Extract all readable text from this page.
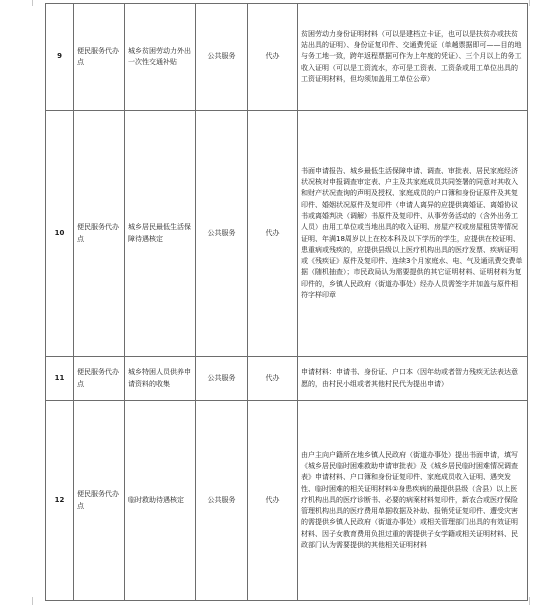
9	便民服务代办点	城乡贫困劳动力外出一次性交通补贴	公共服务	代办	贫困劳动力身份证明材料（可以是建档立卡证，也可以是扶贫办或扶贫站出具的证明）、身份证复印件、交通费凭证（单趟票据即可——目的地与务工地一致，跨年返程票据可作为上年度的凭证）、三个月以上的务工收入证明（可以是工资流水，亦可是工资表、工资条或用工单位出具的工资证明材料，但均须加盖用工单位公章）
10	便民服务代办点	城乡居民最低生活保障待遇核定	公共服务	代办	书面申请报告、城乡最低生活保障申请、调查、审批表、居民家庭经济状况核对申报调查审定表、户主及共家庭成员共同签署的同意对其收入和财产状况查询的声明及授权、家庭成员的户口簿和身份证原件及其复印件、婚姻状况原件及复印件（申请人离异的应提供离婚证、离婚协议书或离婚判决（调解）书原件及复印件、从事劳务活动的（含外出务工人员）由用工单位或当地出具的收入证明、房屋产权或房屋租赁等情况证明、年满18周岁以上在校本科及以下学历的学生，应提供在校证明、患重病或残疾的，应提供县级以上医疗机构出具的医疗发票、疾病证明或《残疾证》原件及复印件、连续3个月家庭水、电、气及通讯费交费单据（随机抽查）；市民政局认为需要提供的其它证明材料、证明材料为复印件的，乡镇人民政府（街道办事处）经办人员需签字并加盖与原件相符字样印章
11	便民服务代办点	城乡特困人员供养申请资料的收集	公共服务	代办	申请材料：申请书、身份证、户口本（因年幼或者智力残疾无法表达意愿的，由村民小组或者其他村民代为提出申请）
12	便民服务代办点	临时救助待遇核定	公共服务	代办	由户主向户籍所在地乡镇人民政府（街道办事处）提出书面申请，填写《城乡居民临时困难救助申请审批表》及《城乡居民临时困难情况调查表》申请材料、户口簿和身份证复印件、家庭成员收入证明、遇突发性、临时困难的相关证明材料①身患疾病的最提供县级（含县）以上医疗机构出具的医疗诊断书、必要的病案材料复印件，新农合或医疗保险管理机构出具的医疗费用单据收据及补助、报销凭证复印件、遭受灾害的需提供乡镇人民政府（街道办事处）或相关管理部门出具的有效证明材料、因子女教育费用负担过重的需提供子女学籍或相关证明材料、民政部门认为需要提供的其他相关证明材料
